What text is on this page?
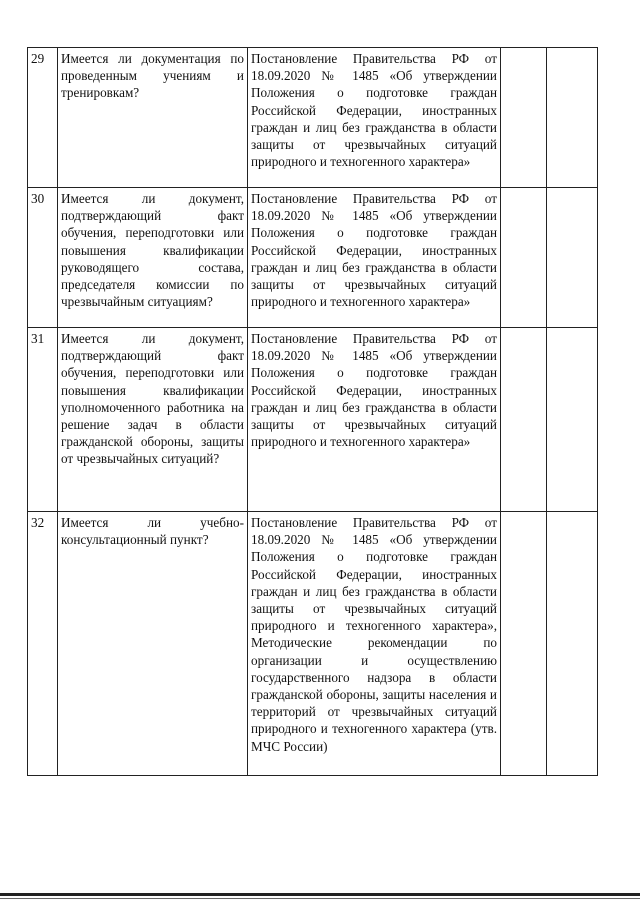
29	Имеется ли документация по проведенным учениям и тренировкам?	Постановление Правительства РФ от 18.09.2020 № 1485 «Об утверждении Положения о подготовке граждан Российской Федерации, иностранных граждан и лиц без гражданства в области защиты от чрезвычайных ситуаций природного и техногенного характера»		
30	Имеется ли документ, подтверждающий факт обучения, переподготовки или повышения квалификации руководящего состава, председателя комиссии по чрезвычайным ситуациям?	Постановление Правительства РФ от 18.09.2020 № 1485 «Об утверждении Положения о подготовке граждан Российской Федерации, иностранных граждан и лиц без гражданства в области защиты от чрезвычайных ситуаций природного и техногенного характера»		
31	Имеется ли документ, подтверждающий факт обучения, переподготовки или повышения квалификации уполномоченного работника на решение задач в области гражданской обороны, защиты от чрезвычайных ситуаций?	Постановление Правительства РФ от 18.09.2020 № 1485 «Об утверждении Положения о подготовке граждан Российской Федерации, иностранных граждан и лиц без гражданства в области защиты от чрезвычайных ситуаций природного и техногенного характера»		
32	Имеется ли учебно-консультационный пункт?	Постановление Правительства РФ от 18.09.2020 № 1485 «Об утверждении Положения о подготовке граждан Российской Федерации, иностранных граждан и лиц без гражданства в области защиты от чрезвычайных ситуаций природного и техногенного характера», Методические рекомендации по организации и осуществлению государственного надзора в области гражданской обороны, защиты населения и территорий от чрезвычайных ситуаций природного и техногенного характера (утв. МЧС России)		
